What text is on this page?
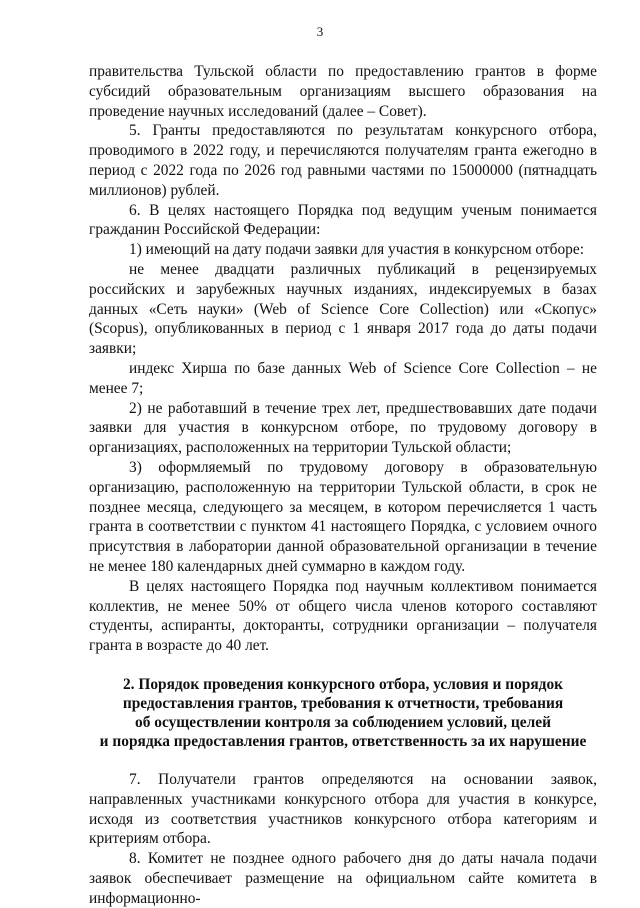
3

правительства Тульской области по предоставлению грантов в форме субсидий образовательным организациям высшего образования на проведение научных исследований (далее – Совет).

5. Гранты предоставляются по результатам конкурсного отбора, проводимого в 2022 году, и перечисляются получателям гранта ежегодно в период с 2022 года по 2026 год равными частями по 15000000 (пятнадцать миллионов) рублей.

6. В целях настоящего Порядка под ведущим ученым понимается гражданин Российской Федерации:

1) имеющий на дату подачи заявки для участия в конкурсном отборе:

не менее двадцати различных публикаций в рецензируемых российских и зарубежных научных изданиях, индексируемых в базах данных «Сеть науки» (Web of Science Core Collection) или «Скопус» (Scopus), опубликованных в период с 1 января 2017 года до даты подачи заявки;

индекс Хирша по базе данных Web of Science Core Collection – не менее 7;

2) не работавший в течение трех лет, предшествовавших дате подачи заявки для участия в конкурсном отборе, по трудовому договору в организациях, расположенных на территории Тульской области;

3) оформляемый по трудовому договору в образовательную организацию, расположенную на территории Тульской области, в срок не позднее месяца, следующего за месяцем, в котором перечисляется 1 часть гранта в соответствии с пунктом 41 настоящего Порядка, с условием очного присутствия в лаборатории данной образовательной организации в течение не менее 180 календарных дней суммарно в каждом году.

В целях настоящего Порядка под научным коллективом понимается коллектив, не менее 50% от общего числа членов которого составляют студенты, аспиранты, докторанты, сотрудники организации – получателя гранта в возрасте до 40 лет.

2. Порядок проведения конкурсного отбора, условия и порядок
предоставления грантов, требования к отчетности, требования
об осуществлении контроля за соблюдением условий, целей
и порядка предоставления грантов, ответственность за их нарушение

7. Получатели грантов определяются на основании заявок, направленных участниками конкурсного отбора для участия в конкурсе, исходя из соответствия участников конкурсного отбора категориям и критериям отбора.

8. Комитет не позднее одного рабочего дня до даты начала подачи заявок обеспечивает размещение на официальном сайте комитета в информационно-
